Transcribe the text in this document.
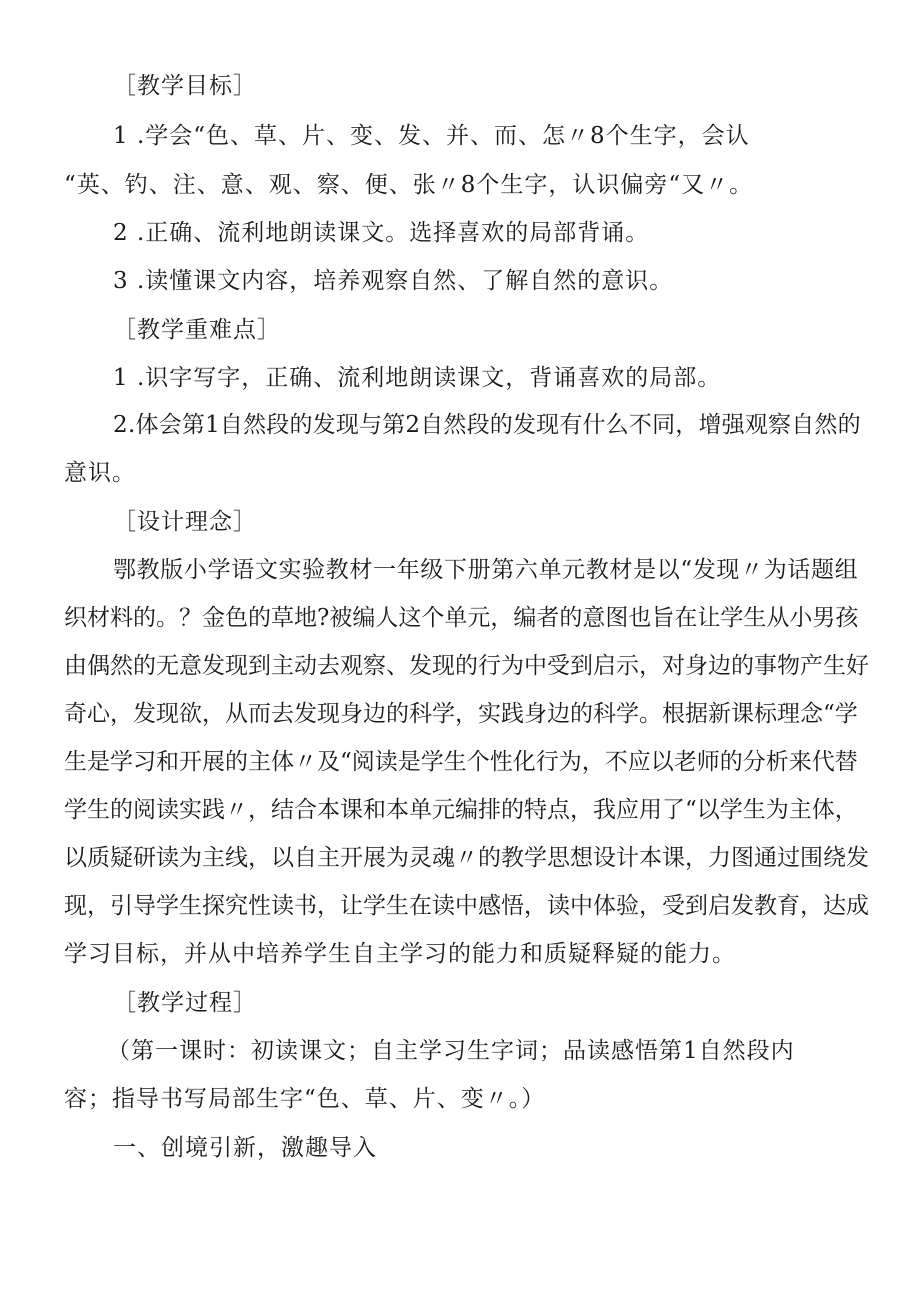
［教学目标］
1 .学会“色、草、片、变、发、并、而、怎〃8个生字，会认
“英、钓、注、意、观、察、便、张〃8个生字，认识偏旁“又〃。
2 .正确、流利地朗读课文。选择喜欢的局部背诵。
3 .读懂课文内容，培养观察自然、了解自然的意识。
［教学重难点］
1 .识字写字，正确、流利地朗读课文，背诵喜欢的局部。
2 . 体 会 第 1 自 然 段 的 发 现 与 第 2 自 然 段 的 发 现 有 什 么 不 同 ， 增 强 观 察 自 然 的
意识。
［设计理念］
鄂 教 版 小 学 语 文 实 验 教 材 一 年 级 下 册 第 六 单 元 教 材 是 以 “ 发 现 〃 为 话 题 组
织 材 料 的 。 ？ 金 色 的 草 地 ? 被 编 人 这 个 单 元 ， 编 者 的 意 图 也 旨 在 让 学 生 从 小 男 孩
由 偶 然 的 无 意 发 现 到 主 动 去 观 察 、 发 现 的 行 为 中 受 到 启 示 ， 对 身 边 的 事 物 产 生 好
奇 心 ， 发 现 欲 ， 从 而 去 发 现 身 边 的 科 学 ， 实 践 身 边 的 科 学 。 根 据 新 课 标 理 念 “ 学
生 是 学 习 和 开 展 的 主 体 〃 及 “ 阅 读 是 学 生 个 性 化 行 为 ， 不 应 以 老 师 的 分 析 来 代 替
学 生 的 阅 读 实 践 〃 ， 结 合 本 课 和 本 单 元 编 排 的 特 点 ， 我 应 用 了 “ 以 学 生 为 主 体 ，
以 质 疑 研 读 为 主 线 ， 以 自 主 开 展 为 灵 魂 〃 的 教 学 思 想 设 计 本 课 ， 力 图 通 过 围 绕 发
现 ， 引 导 学 生 探 究 性 读 书 ， 让 学 生 在 读 中 感 悟 ， 读 中 体 验 ， 受 到 启 发 教 育 ， 达 成
学习目标，并从中培养学生自主学习的能力和质疑释疑的能力。
［教学过程］
（第一课时：初读课文；自主学习生字词；品读感悟第1自然段内
容；指导书写局部生字“色、草、片、变〃。）
一、创境引新，激趣导入
